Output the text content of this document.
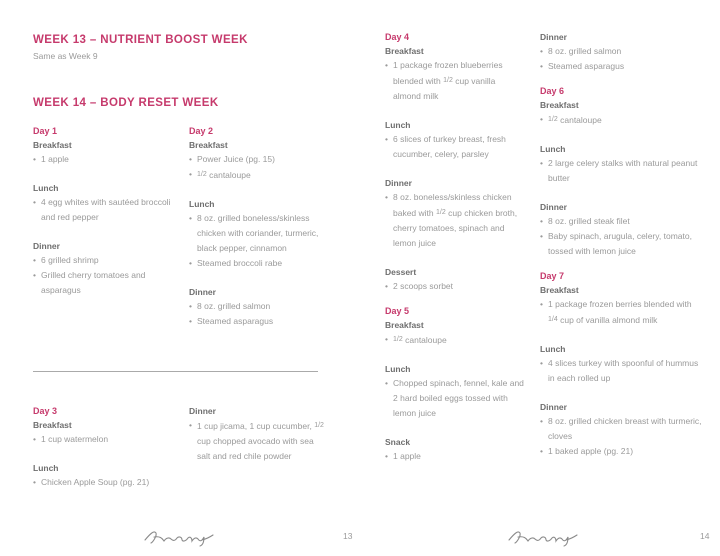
WEEK 13 – NUTRIENT BOOST WEEK

Same as Week 9

WEEK 14 – BODY RESET WEEK

Day 1

Breakfast

• 1 apple

Lunch

• 4 egg whites with sautéed broccoli and red pepper

Dinner

• 6 grilled shrimp

• Grilled cherry tomatoes and asparagus

Day 2

Breakfast

• Power Juice (pg. 15)

• $^{1/2}$ cantaloupe

Lunch

• 8 oz. grilled boneless/skinless chicken with coriander, turmeric, black pepper, cinnamon

• Steamed broccoli rabe

Dinner

• 8 oz. grilled salmon

• Steamed asparagus

Day 3

Breakfast

• 1 cup watermelon

Lunch

• Chicken Apple Soup (pg. 21)

Dinner

• 1 cup jicama, 1 cup cucumber, $^{1/2}$ cup chopped avocado with sea salt and red chile powder

13

Day 4

Breakfast

• 1 package frozen blueberries blended with $^{1/2}$ cup vanilla almond milk

Lunch

• 6 slices of turkey breast, fresh cucumber, celery, parsley

Dinner

• 8 oz. boneless/skinless chicken baked with $^{1/2}$ cup chicken broth, cherry tomatoes, spinach and lemon juice

Dessert

• 2 scoops sorbet

Day 5

Breakfast

• $^{1/2}$ cantaloupe

Lunch

• Chopped spinach, fennel, kale and 2 hard boiled eggs tossed with lemon juice

Snack

• 1 apple

Dinner

• 8 oz. grilled salmon

• Steamed asparagus

Day 6

Breakfast

• $^{1/2}$ cantaloupe

Lunch

• 2 large celery stalks with natural peanut butter

Dinner

• 8 oz. grilled steak filet

• Baby spinach, arugula, celery, tomato, tossed with lemon juice

Day 7

Breakfast

• 1 package frozen berries blended with $^{1/4}$ cup of vanilla almond milk

Lunch

• 4 slices turkey with spoonful of hummus in each rolled up

Dinner

• 8 oz. grilled chicken breast with turmeric, cloves

• 1 baked apple (pg. 21)

14
